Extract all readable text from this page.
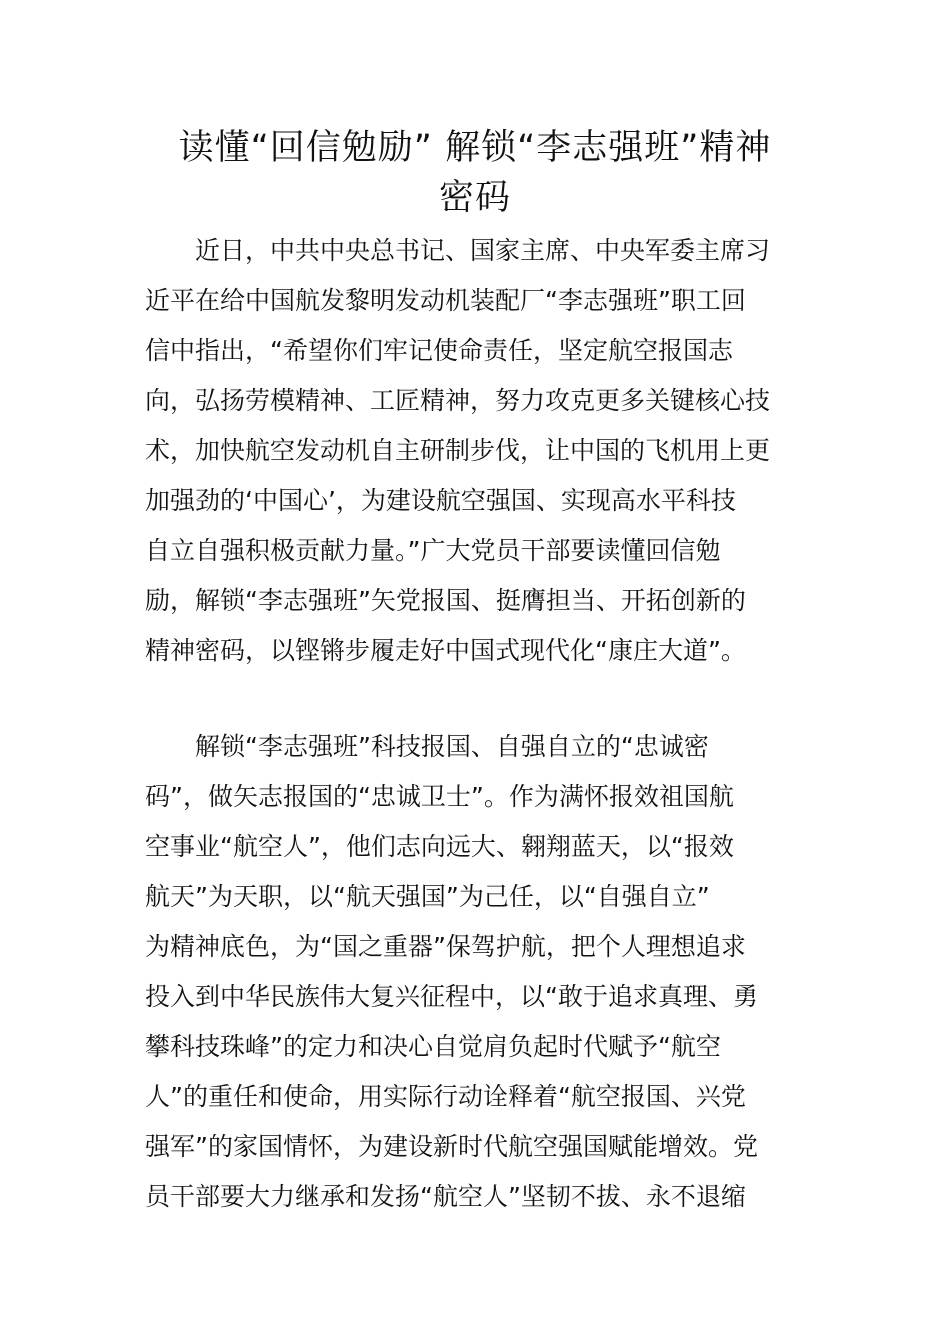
读懂“回信勉励” 解锁“李志强班”精神
密码
近日，中共中央总书记、国家主席、中央军委主席习
近平在给中国航发黎明发动机装配厂“李志强班”职工回
信中指出，“希望你们牢记使命责任，坚定航空报国志
向，弘扬劳模精神、工匠精神，努力攻克更多关键核心技
术，加快航空发动机自主研制步伐，让中国的飞机用上更
加强劲的‘中国心’，为建设航空强国、实现高水平科技
自立自强积极贡献力量。”广大党员干部要读懂回信勉
励，解锁“李志强班”矢党报国、挺膺担当、开拓创新的
精神密码，以铿锵步履走好中国式现代化“康庄大道”。
解锁“李志强班”科技报国、自强自立的“忠诚密
码”，做矢志报国的“忠诚卫士”。作为满怀报效祖国航
空事业“航空人”，他们志向远大、翱翔蓝天，以“报效
航天”为天职，以“航天强国”为己任，以“自强自立”
为精神底色，为“国之重器”保驾护航，把个人理想追求
投入到中华民族伟大复兴征程中，以“敢于追求真理、勇
攀科技珠峰”的定力和决心自觉肩负起时代赋予“航空
人”的重任和使命，用实际行动诠释着“航空报国、兴党
强军”的家国情怀，为建设新时代航空强国赋能增效。党
员干部要大力继承和发扬“航空人”坚韧不拔、永不退缩
